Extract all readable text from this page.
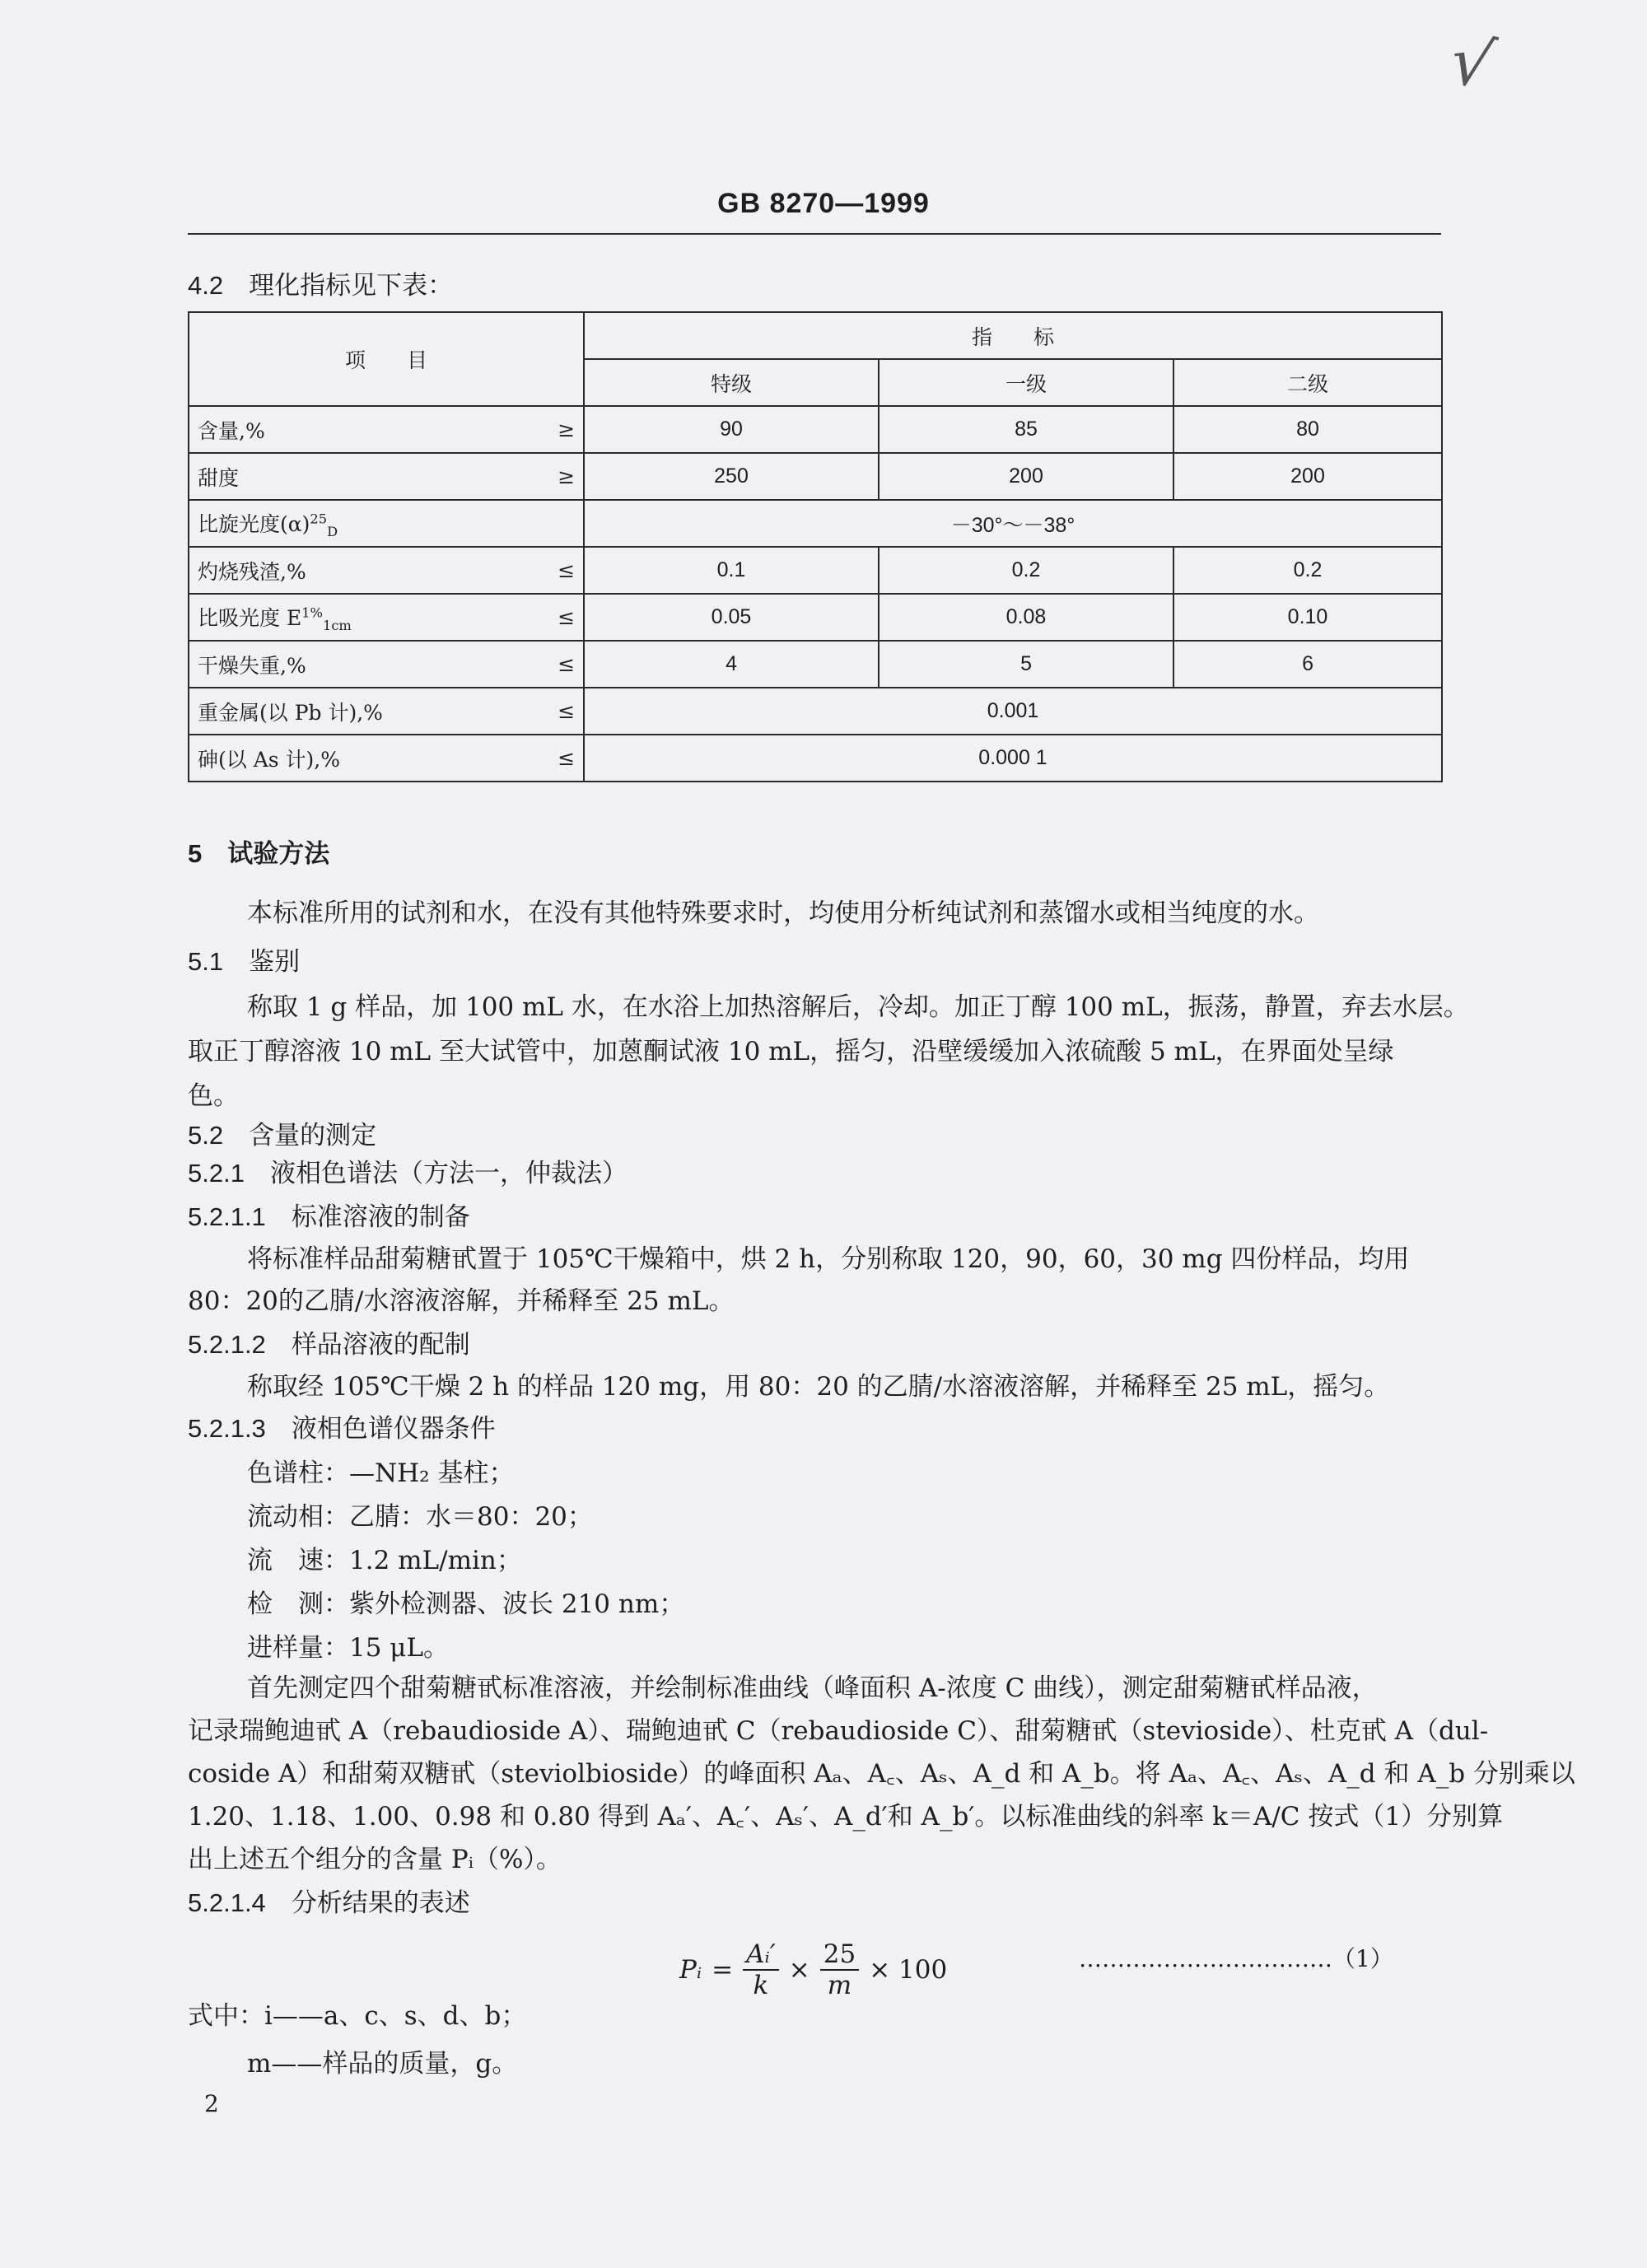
√
GB 8270—1999
4.2　 理化指标见下表：
项　　目		指　　标		
		特级	一级	二级
含量,%	≥	90	85	80
甜度	≥	250	200	200
比旋光度$(\alpha)^{25}_D$		－30°～－38°		
灼烧残渣,%	≤	0.1	0.2	0.2
比吸光度 $E^{1\%}_{1cm}$	≤	0.05	0.08	0.10
干燥失重,%	≤	4	5	6
重金属(以 Pb 计),%	≤	0.001		
砷(以 As 计),%	≤	0.000 1		
5　 试验方法
本标准所用的试剂和水，在没有其他特殊要求时，均使用分析纯试剂和蒸馏水或相当纯度的水。
5.1　 鉴别
称取 1 g 样品，加 100 mL 水，在水浴上加热溶解后，冷却。加正丁醇 100 mL，振荡，静置，弃去水层。
取正丁醇溶液 10 mL 至大试管中，加蒽酮试液 10 mL，摇匀，沿壁缓缓加入浓硫酸 5 mL，在界面处呈绿
色。
5.2　 含量的测定
5.2.1　 液相色谱法（方法一，仲裁法）
5.2.1.1　 标准溶液的制备
将标准样品甜菊糖甙置于 105℃干燥箱中，烘 2 h，分别称取 120，90，60，30 mg 四份样品，均用
80：20的乙腈/水溶液溶解，并稀释至 25 mL。
5.2.1.2　 样品溶液的配制
称取经 105℃干燥 2 h 的样品 120 mg，用 80：20 的乙腈/水溶液溶解，并稀释至 25 mL，摇匀。
5.2.1.3　 液相色谱仪器条件
色谱柱：—NH₂ 基柱；
流动相：乙腈：水＝80：20；
流　速：1.2 mL/min；
检　测：紫外检测器、波长 210 nm；
进样量：15 μL。
首先测定四个甜菊糖甙标准溶液，并绘制标准曲线（峰面积 A-浓度 C 曲线），测定甜菊糖甙样品液，
记录瑞鲍迪甙 A（rebaudioside A）、瑞鲍迪甙 C（rebaudioside C）、甜菊糖甙（stevioside）、杜克甙 A（dul-
coside A）和甜菊双糖甙（steviolbioside）的峰面积 Aₐ、A꜀、Aₛ、A_d 和 A_b。将 Aₐ、A꜀、Aₛ、A_d 和 A_b 分别乘以
1.20、1.18、1.00、0.98 和 0.80 得到 Aₐ′、A꜀′、Aₛ′、A_d′和 A_b′。以标准曲线的斜率 k＝A/C 按式（1）分别算
出上述五个组分的含量 Pᵢ（%）。
5.2.1.4　 分析结果的表述
Pᵢ = $\frac{\text{Aᵢ′}}{k} \times \frac{25}{m} \times 100$	……………………………（1）
式中：i——a、c、s、d、b；
m——样品的质量，g。
2
